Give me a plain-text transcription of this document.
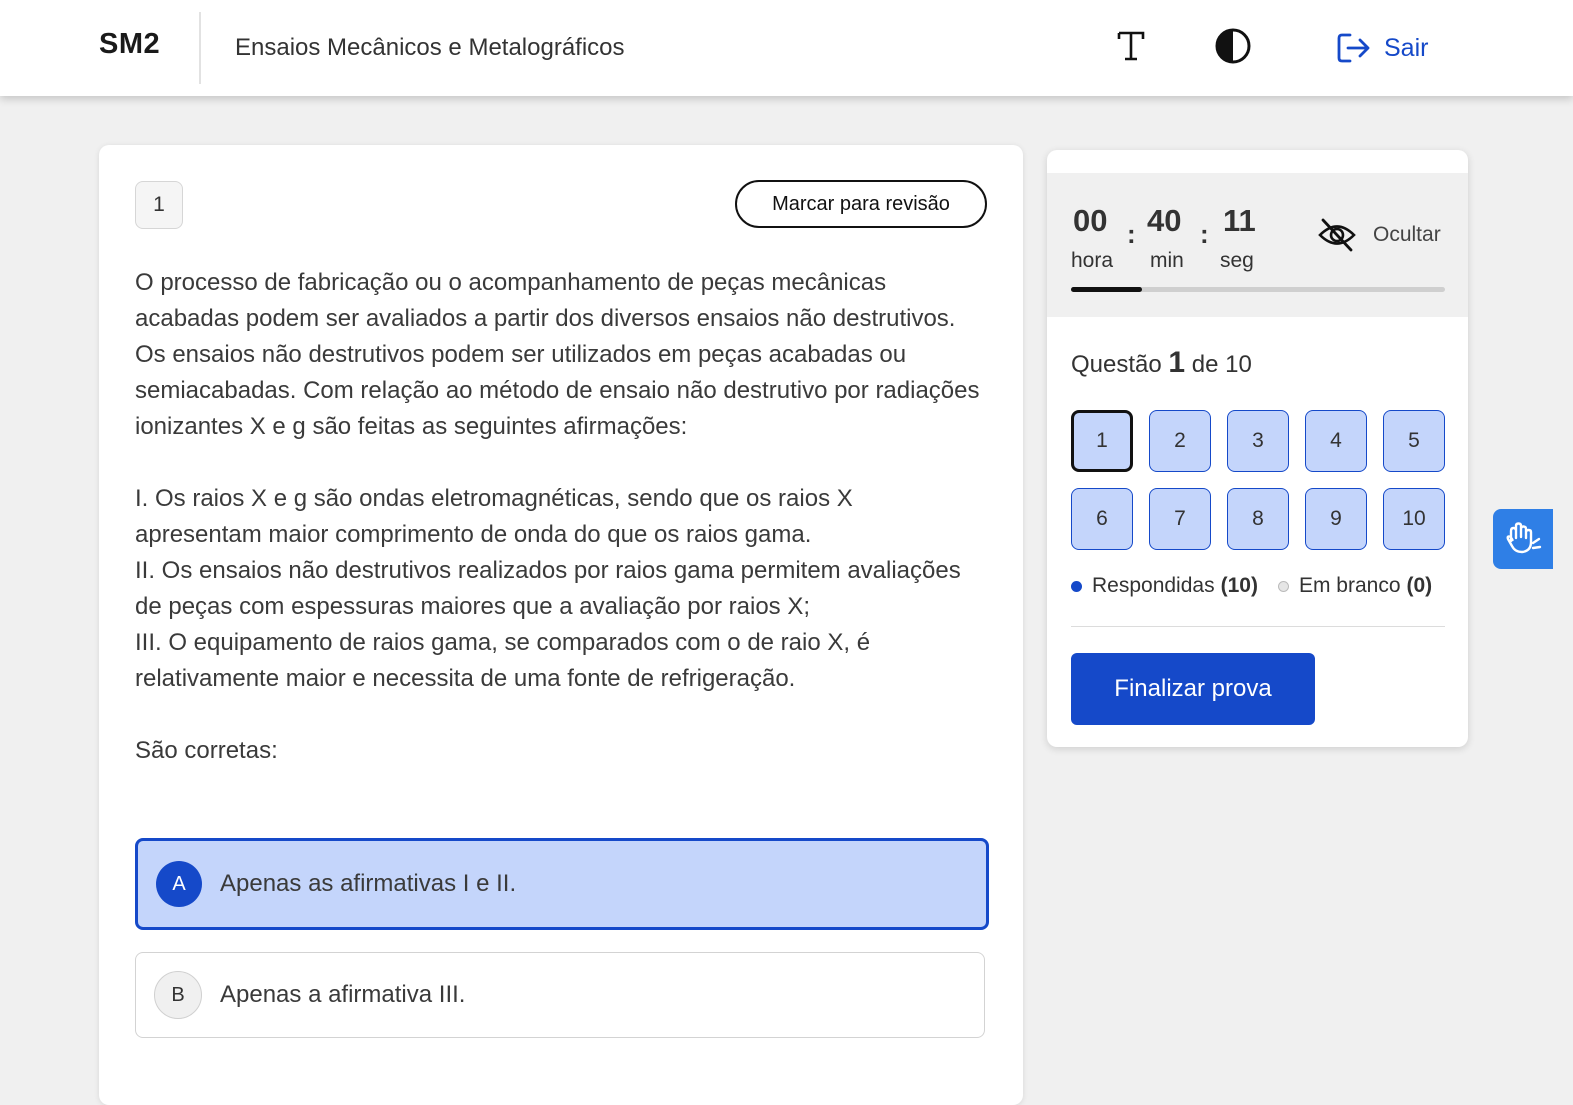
SM2	Ensaios Mecânicos e Metalográficos	Sair
1	Marcar para revisão

O processo de fabricação ou o acompanhamento de peças mecânicas acabadas podem ser avaliados a partir dos diversos ensaios não destrutivos. Os ensaios não destrutivos podem ser utilizados em peças acabadas ou semiacabadas. Com relação ao método de ensaio não destrutivo por radiações ionizantes X e g são feitas as seguintes afirmações:

I. Os raios X e g são ondas eletromagnéticas, sendo que os raios X apresentam maior comprimento de onda do que os raios gama.

II. Os ensaios não destrutivos realizados por raios gama permitem avaliações de peças com espessuras maiores que a avaliação por raios X;

III. O equipamento de raios gama, se comparados com o de raio X, é relativamente maior e necessita de uma fonte de refrigeração.

São corretas:

A	Apenas as afirmativas I e II.
B	Apenas a afirmativa III.
00 : 40 : 11
hora min seg
Ocultar
Questão 1 de 10
1	2	3	4	5
6	7	8	9	10
Respondidas (10) Em branco (0)
Finalizar prova
